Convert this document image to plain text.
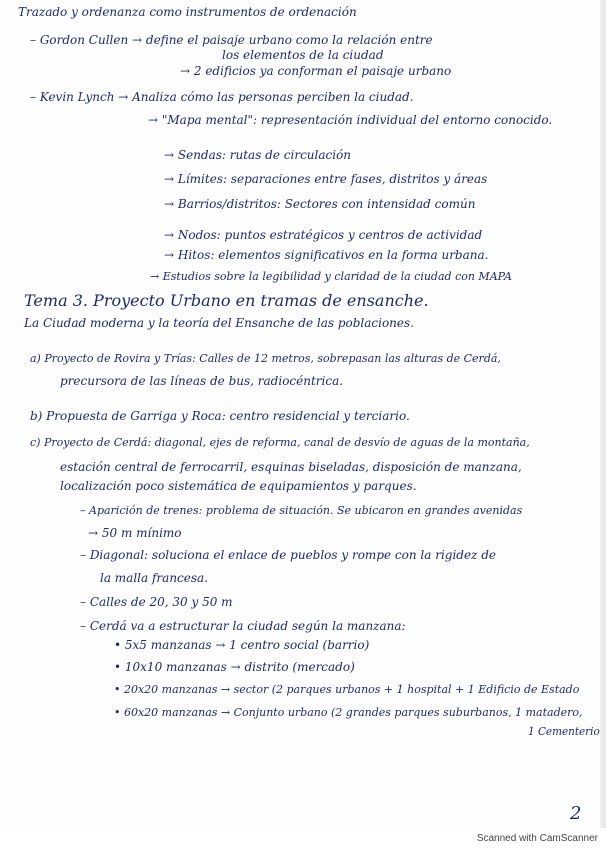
Trazado y ordenanza como instrumentos de ordenación
– Gordon Cullen → define el paisaje urbano como la relación entre
los elementos de la ciudad
→ 2 edificios ya conforman el paisaje urbano
– Kevin Lynch → Analiza cómo las personas perciben la ciudad.
→ "Mapa mental": representación individual del entorno conocido.
→ Sendas: rutas de circulación
→ Límites: separaciones entre fases, distritos y áreas
→ Barrios/distritos: Sectores con intensidad común
→ Nodos: puntos estratégicos y centros de actividad
→ Hitos: elementos significativos en la forma urbana.
→ Estudios sobre la legibilidad y claridad de la ciudad con MAPA
Tema 3. Proyecto Urbano en tramas de ensanche.
La Ciudad moderna y la teoría del Ensanche de las poblaciones.
a) Proyecto de Rovira y Trías: Calles de 12 metros, sobrepasan las alturas de Cerdá,
precursora de las líneas de bus, radiocéntrica.
b) Propuesta de Garriga y Roca: centro residencial y terciario.
c) Proyecto de Cerdá: diagonal, ejes de reforma, canal de desvío de aguas de la montaña,
estación central de ferrocarril, esquinas biseladas, disposición de manzana,
localización poco sistemática de equipamientos y parques.
– Aparición de trenes: problema de situación. Se ubicaron en grandes avenidas
→ 50 m mínimo
– Diagonal: soluciona el enlace de pueblos y rompe con la rigidez de
la malla francesa.
– Calles de 20, 30 y 50 m
– Cerdá va a estructurar la ciudad según la manzana:
• 5x5 manzanas → 1 centro social (barrio)
• 10x10 manzanas → distrito (mercado)
• 20x20 manzanas → sector (2 parques urbanos + 1 hospital + 1 Edificio de Estado
• 60x20 manzanas → Conjunto urbano (2 grandes parques suburbanos, 1 matadero,
1 Cementerio
2
Scanned with CamScanner
